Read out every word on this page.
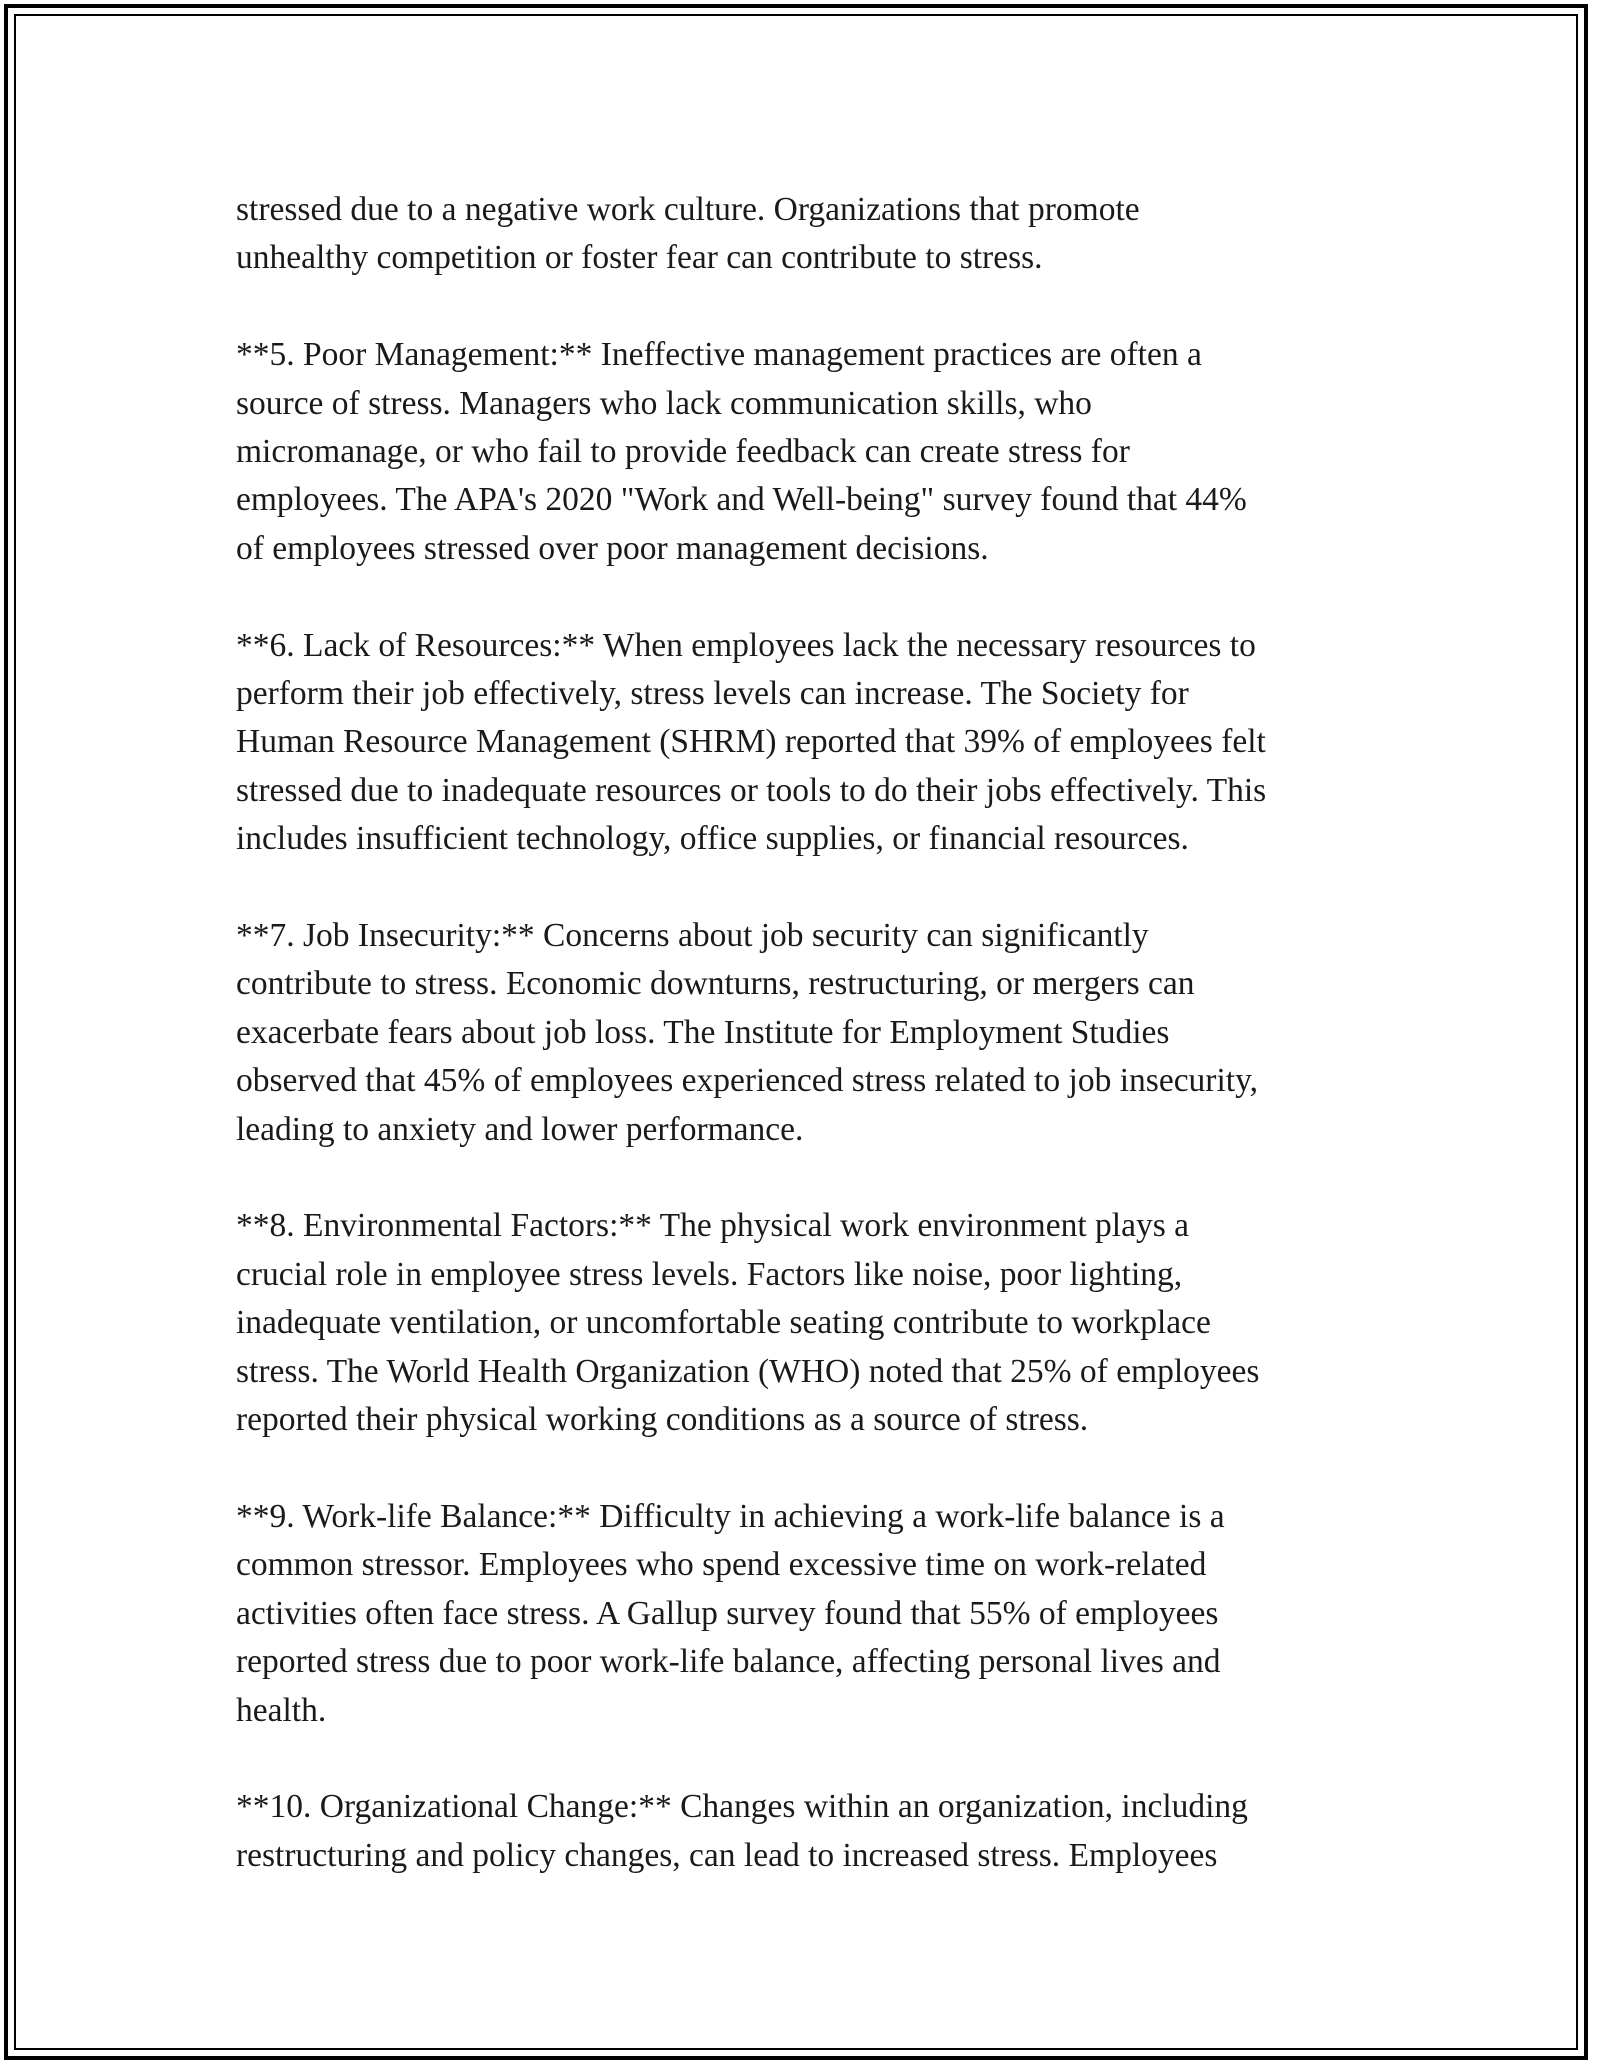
stressed due to a negative work culture. Organizations that promote
unhealthy competition or foster fear can contribute to stress.

**5. Poor Management:** Ineffective management practices are often a
source of stress. Managers who lack communication skills, who
micromanage, or who fail to provide feedback can create stress for
employees. The APA's 2020 "Work and Well-being" survey found that 44%
of employees stressed over poor management decisions.

**6. Lack of Resources:** When employees lack the necessary resources to
perform their job effectively, stress levels can increase. The Society for
Human Resource Management (SHRM) reported that 39% of employees felt
stressed due to inadequate resources or tools to do their jobs effectively. This
includes insufficient technology, office supplies, or financial resources.

**7. Job Insecurity:** Concerns about job security can significantly
contribute to stress. Economic downturns, restructuring, or mergers can
exacerbate fears about job loss. The Institute for Employment Studies
observed that 45% of employees experienced stress related to job insecurity,
leading to anxiety and lower performance.

**8. Environmental Factors:** The physical work environment plays a
crucial role in employee stress levels. Factors like noise, poor lighting,
inadequate ventilation, or uncomfortable seating contribute to workplace
stress. The World Health Organization (WHO) noted that 25% of employees
reported their physical working conditions as a source of stress.

**9. Work-life Balance:** Difficulty in achieving a work-life balance is a
common stressor. Employees who spend excessive time on work-related
activities often face stress. A Gallup survey found that 55% of employees
reported stress due to poor work-life balance, affecting personal lives and
health.

**10. Organizational Change:** Changes within an organization, including
restructuring and policy changes, can lead to increased stress. Employees
